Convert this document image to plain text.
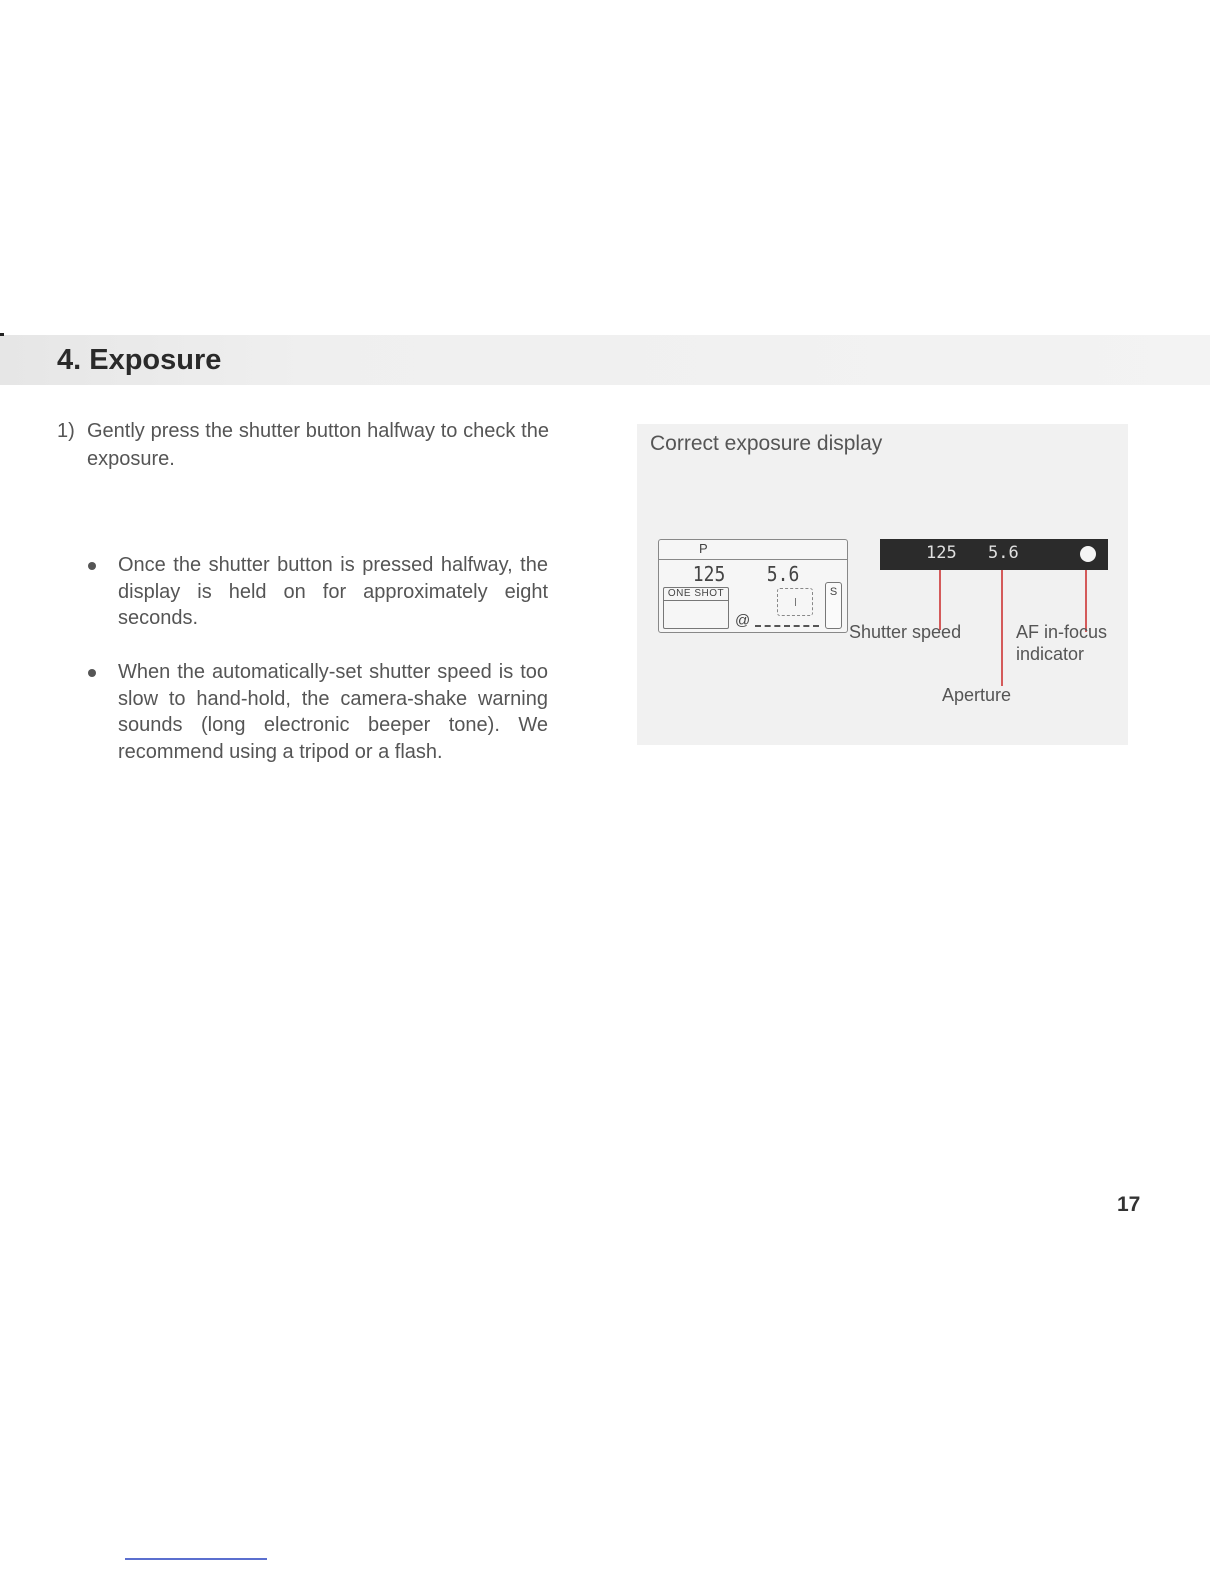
4. Exposure
1) Gently press the shutter button halfway to check the exposure.
Once the shutter button is pressed halfway, the display is held on for approximately eight seconds.
When the automatically-set shutter speed is too slow to hand-hold, the camera-shake warning sounds (long electronic beeper tone). We recommend using a tripod or a flash.
Correct exposure display
P
125 5.6
ONE SHOT	S
@
125 5.6

Shutter speed	AF in-focus
indicator

Aperture

17
